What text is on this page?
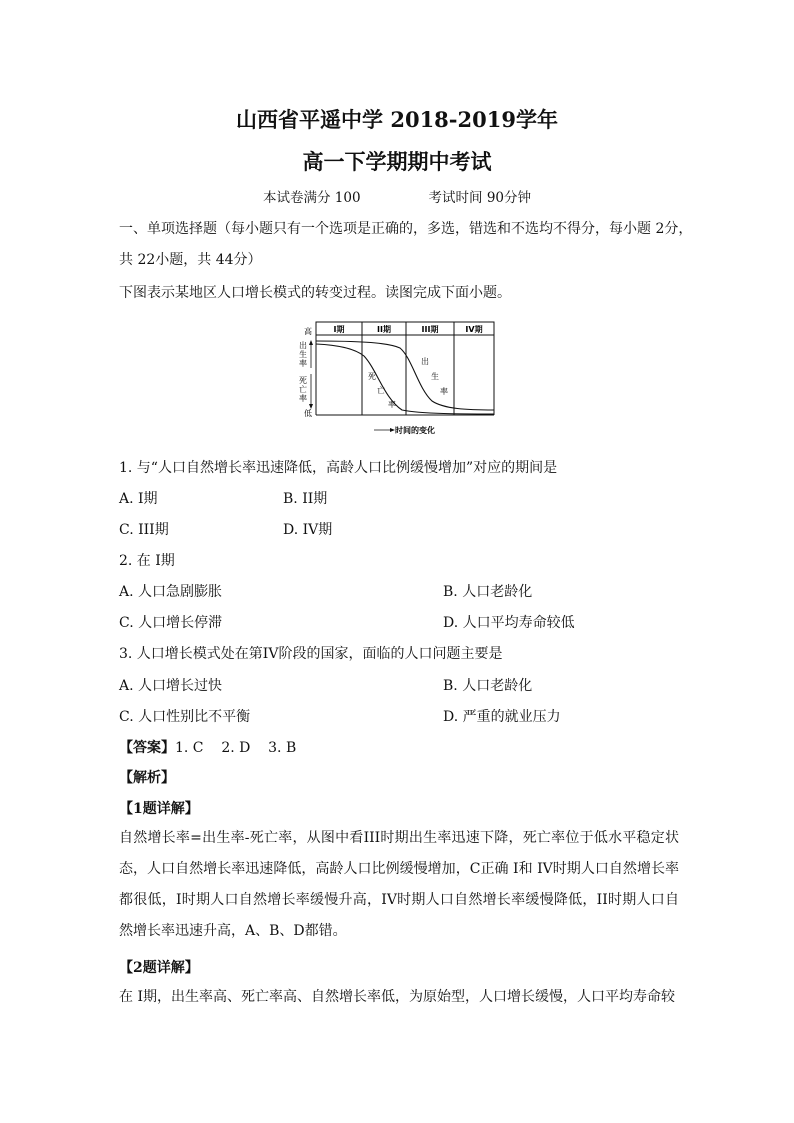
山西省平遥中学 2018-2019学年
高一下学期期中考试
本试卷满分 100	考试时间 90分钟
一、单项选择题（每小题只有一个选项是正确的，多选，错选和不选均不得分，每小题 2分，
共 22小题，共 44分）
下图表示某地区人口增长模式的转变过程。读图完成下面小题。
I期	II期	III期	IV期
高
低
出
生
率
死
亡
率
死
亡
率
出
生
率
时间的变化
1. 与“人口自然增长率迅速降低，高龄人口比例缓慢增加”对应的期间是
A. I期	B. II期
C. III期	D. IV期
2. 在 I期
A. 人口急剧膨胀	B. 人口老龄化
C. 人口增长停滞	D. 人口平均寿命较低
3. 人口增长模式处在第IV阶段的国家，面临的人口问题主要是
A. 人口增长过快	B. 人口老龄化
C. 人口性别比不平衡	D. 严重的就业压力
【答案】1. C    2. D    3. B
【解析】
【1题详解】
自然增长率=出生率-死亡率，从图中看III时期出生率迅速下降，死亡率位于低水平稳定状态，人口自然增长率迅速降低，高龄人口比例缓慢增加，C正确 I和 IV时期人口自然增长率都很低，I时期人口自然增长率缓慢升高，IV时期人口自然增长率缓慢降低，II时期人口自然增长率迅速升高，A、B、D都错。
【2题详解】
在 I期，出生率高、死亡率高、自然增长率低，为原始型，人口增长缓慢，人口平均寿命较
